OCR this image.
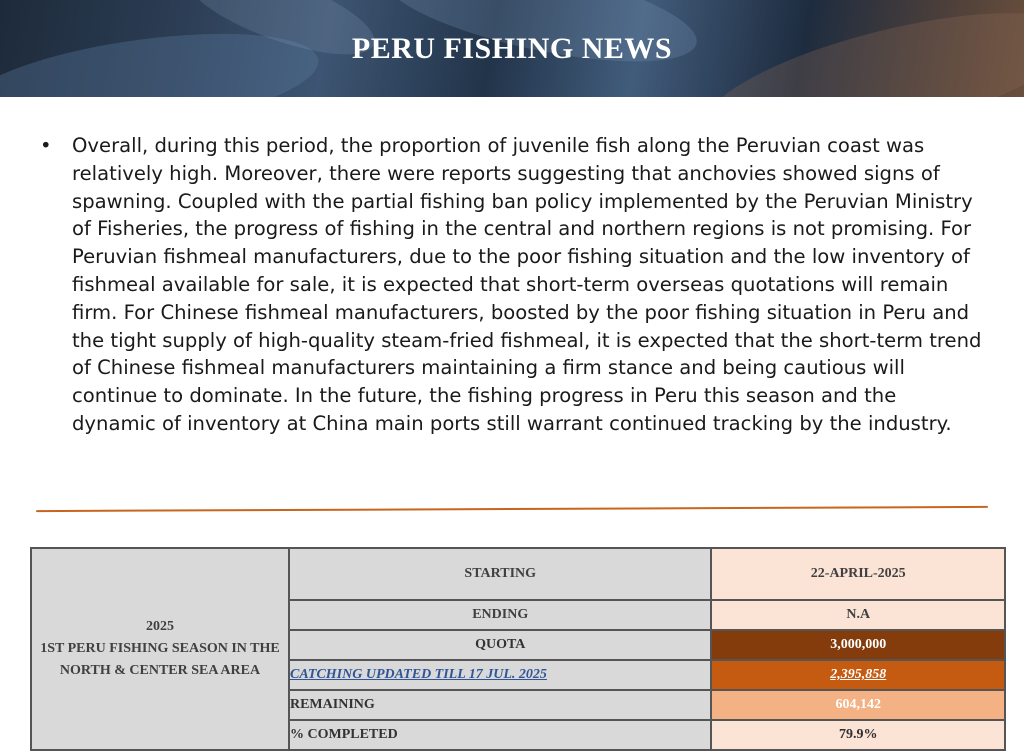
PERU FISHING NEWS
• Overall, during this period, the proportion of juvenile fish along the Peruvian coast was relatively high. Moreover, there were reports suggesting that anchovies showed signs of spawning. Coupled with the partial fishing ban policy implemented by the Peruvian Ministry of Fisheries, the progress of fishing in the central and northern regions is not promising. For Peruvian fishmeal manufacturers, due to the poor fishing situation and the low inventory of fishmeal available for sale, it is expected that short-term overseas quotations will remain firm. For Chinese fishmeal manufacturers, boosted by the poor fishing situation in Peru and the tight supply of high-quality steam-fried fishmeal, it is expected that the short-term trend of Chinese fishmeal manufacturers maintaining a firm stance and being cautious will continue to dominate. In the future, the fishing progress in Peru this season and the dynamic of inventory at China main ports still warrant continued tracking by the industry.
2025
1ST PERU FISHING SEASON IN THE NORTH & CENTER SEA AREA	STARTING	22-APRIL-2025
	ENDING	N.A
	QUOTA	3,000,000
	CATCHING UPDATED TILL 17 JUL. 2025	2,395,858
	REMAINING	604,142
	% COMPLETED	79.9%
